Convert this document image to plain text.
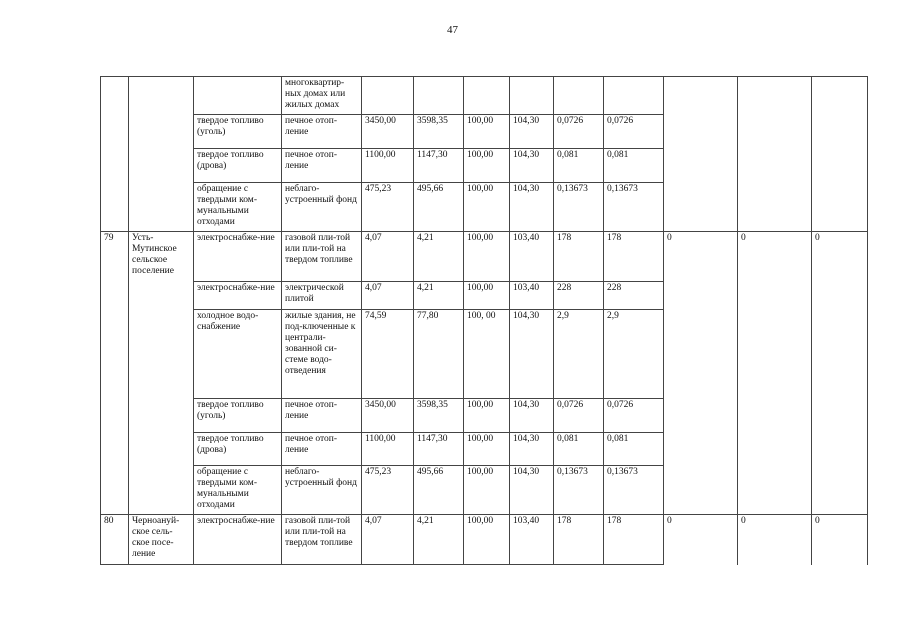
47
			многоквартир-ных домах или жилых домах									
		твердое топливо (уголь)	печное отоп-ление	3450,00	3598,35	100,00	104,30	0,0726	0,0726			
		твердое топливо (дрова)	печное отоп-ление	1100,00	1147,30	100,00	104,30	0,081	0,081			
		обращение с твердыми ком-мунальными отходами	неблаго-устроенный фонд	475,23	495,66	100,00	104,30	0,13673	0,13673			
79	Усть-Мутинское сельское поселение	электроснабже-ние	газовой пли-той или пли-той на твердом топливе	4,07	4,21	100,00	103,40	178	178	0	0	0
		электроснабже-ние	электрической плитой	4,07	4,21	100,00	103,40	228	228			
		холодное водо-снабжение	жилые здания, не под-ключенные к централи-зованной си-стеме водо-отведения	74,59	77,80	100, 00	104,30	2,9	2,9			
		твердое топливо (уголь)	печное отоп-ление	3450,00	3598,35	100,00	104,30	0,0726	0,0726			
		твердое топливо (дрова)	печное отоп-ление	1100,00	1147,30	100,00	104,30	0,081	0,081			
		обращение с твердыми ком-мунальными отходами	неблаго-устроенный фонд	475,23	495,66	100,00	104,30	0,13673	0,13673			
80	Черноануй-ское сель-ское посе-ление	электроснабже-ние	газовой пли-той или пли-той на твердом топливе	4,07	4,21	100,00	103,40	178	178	0	0	0
